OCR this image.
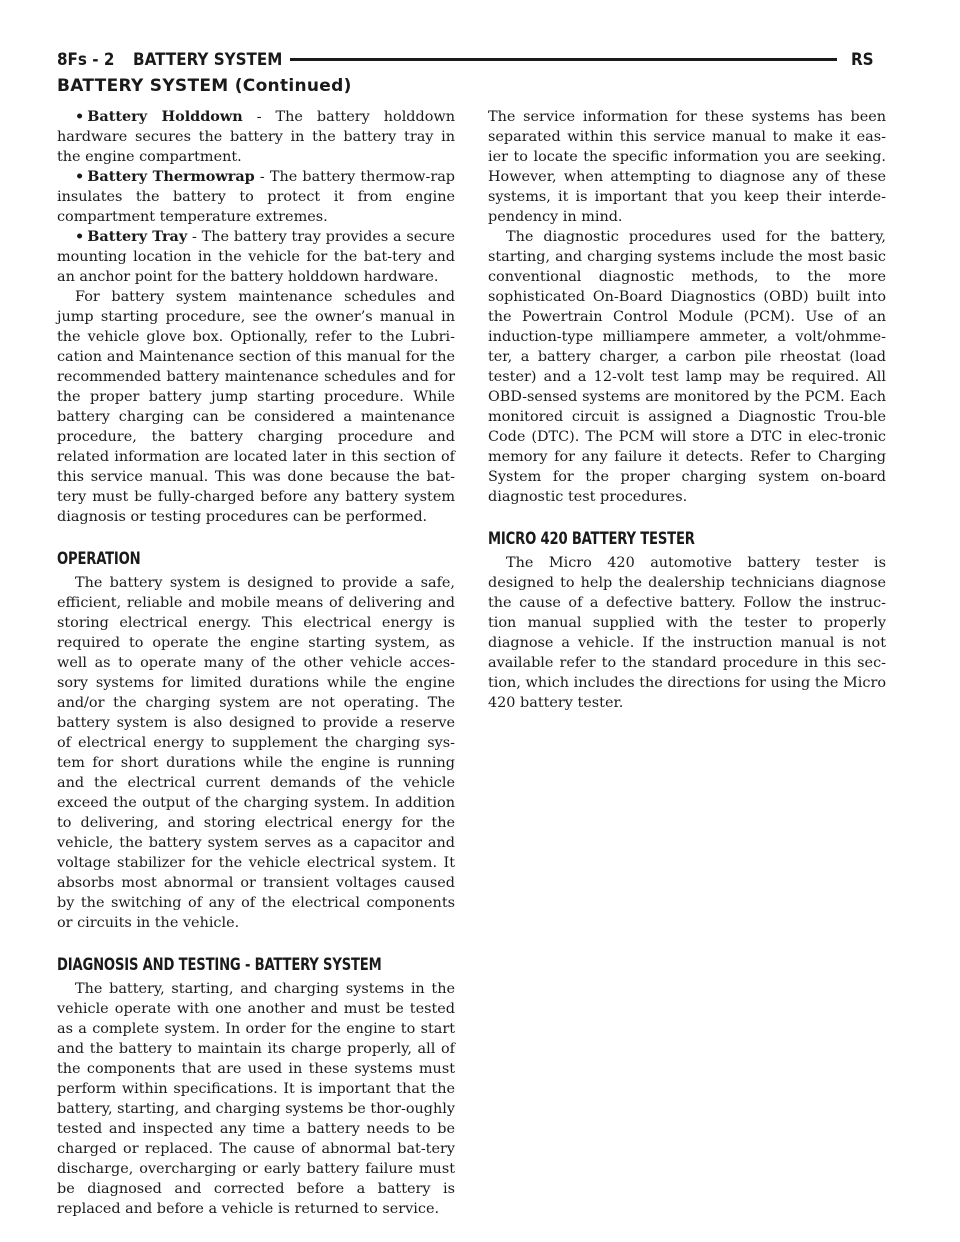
8Fs - 2 BATTERY SYSTEM	RS
BATTERY SYSTEM (Continued)

• Battery Holddown - The battery holddown hardware secures the battery in the battery tray in the engine compartment.

• Battery Thermowrap - The battery thermow-rap insulates the battery to protect it from engine compartment temperature extremes.

• Battery Tray - The battery tray provides a secure mounting location in the vehicle for the bat-tery and an anchor point for the battery holddown hardware.

For battery system maintenance schedules and jump starting procedure, see the owner’s manual in the vehicle glove box. Optionally, refer to the Lubri-cation and Maintenance section of this manual for the recommended battery maintenance schedules and for the proper battery jump starting procedure. While battery charging can be considered a maintenance procedure, the battery charging procedure and related information are located later in this section of this service manual. This was done because the bat-tery must be fully-charged before any battery system diagnosis or testing procedures can be performed.

OPERATION

The battery system is designed to provide a safe, efficient, reliable and mobile means of delivering and storing electrical energy. This electrical energy is required to operate the engine starting system, as well as to operate many of the other vehicle acces-sory systems for limited durations while the engine and/or the charging system are not operating. The battery system is also designed to provide a reserve of electrical energy to supplement the charging sys-tem for short durations while the engine is running and the electrical current demands of the vehicle exceed the output of the charging system. In addition to delivering, and storing electrical energy for the vehicle, the battery system serves as a capacitor and voltage stabilizer for the vehicle electrical system. It absorbs most abnormal or transient voltages caused by the switching of any of the electrical components or circuits in the vehicle.

DIAGNOSIS AND TESTING - BATTERY SYSTEM

The battery, starting, and charging systems in the vehicle operate with one another and must be tested as a complete system. In order for the engine to start and the battery to maintain its charge properly, all of the components that are used in these systems must perform within specifications. It is important that the battery, starting, and charging systems be thor-oughly tested and inspected any time a battery needs to be charged or replaced. The cause of abnormal bat-tery discharge, overcharging or early battery failure must be diagnosed and corrected before a battery is replaced and before a vehicle is returned to service.

The service information for these systems has been separated within this service manual to make it eas-ier to locate the specific information you are seeking. However, when attempting to diagnose any of these systems, it is important that you keep their interde-pendency in mind.

The diagnostic procedures used for the battery, starting, and charging systems include the most basic conventional diagnostic methods, to the more sophisticated On-Board Diagnostics (OBD) built into the Powertrain Control Module (PCM). Use of an induction-type milliampere ammeter, a volt/ohmme-ter, a battery charger, a carbon pile rheostat (load tester) and a 12-volt test lamp may be required. All OBD-sensed systems are monitored by the PCM. Each monitored circuit is assigned a Diagnostic Trou-ble Code (DTC). The PCM will store a DTC in elec-tronic memory for any failure it detects. Refer to Charging System for the proper charging system on-board diagnostic test procedures.

MICRO 420 BATTERY TESTER

The Micro 420 automotive battery tester is designed to help the dealership technicians diagnose the cause of a defective battery. Follow the instruc-tion manual supplied with the tester to properly diagnose a vehicle. If the instruction manual is not available refer to the standard procedure in this sec-tion, which includes the directions for using the Micro 420 battery tester.
